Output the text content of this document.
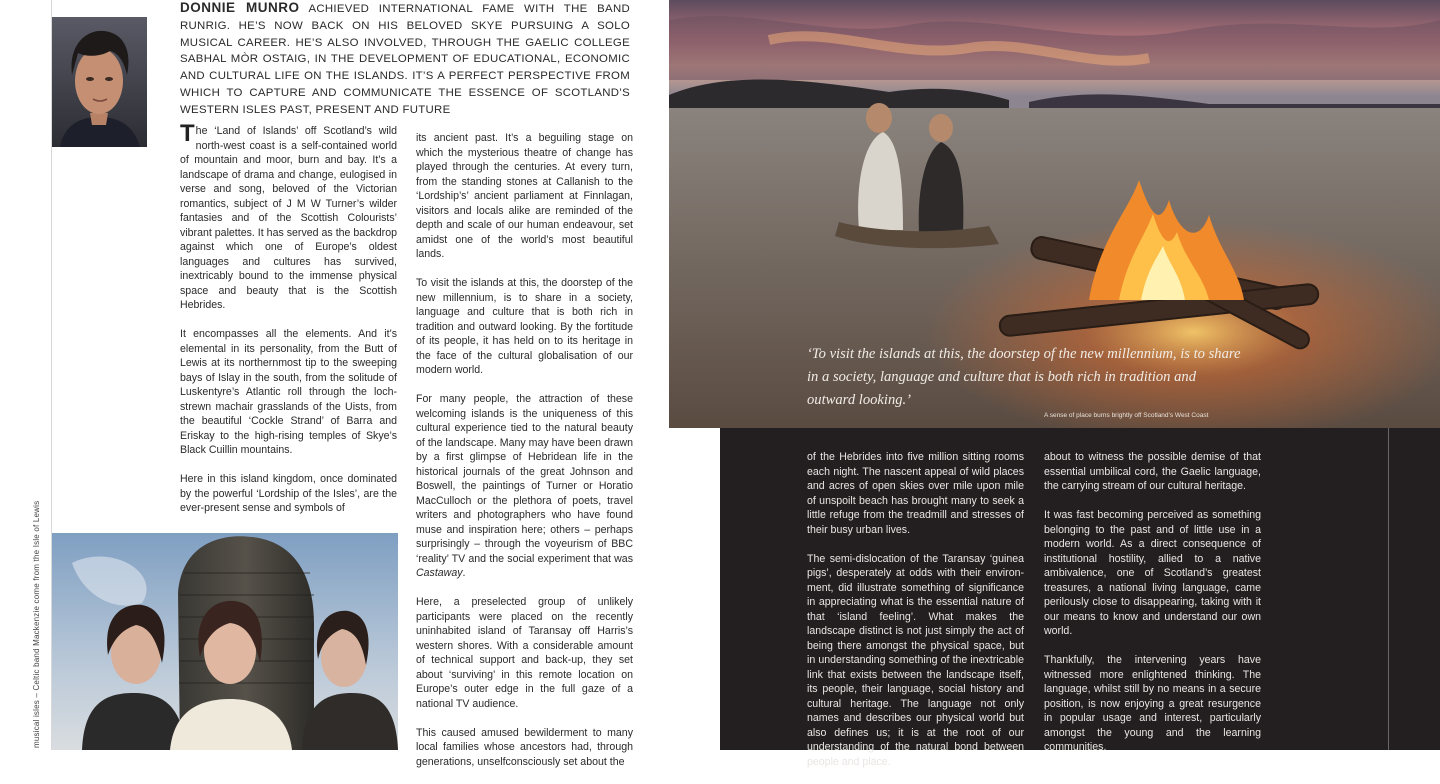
musical isles – Celtic band Mackenzie come from the Isle of Lewis
DONNIE MUNRO ACHIEVED INTERNATIONAL FAME WITH THE BAND RUNRIG. HE’S NOW BACK ON HIS BELOVED SKYE PURSUING A SOLO MUSICAL CAREER. HE’S ALSO INVOLVED, THROUGH THE GAELIC COLLEGE SABHAL MÒR OSTAIG, IN THE DEVELOPMENT OF EDUCATIONAL, ECONOMIC AND CULTURAL LIFE ON THE ISLANDS. IT’S A PERFECT PERSPECTIVE FROM WHICH TO CAPTURE AND COMMUNICATE THE ESSENCE OF SCOTLAND’S WESTERN ISLES PAST, PRESENT AND FUTURE

The ‘Land of Islands’ off Scotland’s wild north-west coast is a self-contained world of mountain and moor, burn and bay. It’s a landscape of drama and change, eulogised in verse and song, beloved of the Victorian romantics, subject of J M W Turner’s wilder fantasies and of the Scottish Colourists’ vibrant palettes. It has served as the backdrop against which one of Europe’s oldest languages and cultures has survived, inextricably bound to the immense physical space and beauty that is the Scottish Hebrides.

It encompasses all the elements. And it’s elemental in its personality, from the Butt of Lewis at its northernmost tip to the sweeping bays of Islay in the south, from the solitude of Luskentyre’s Atlantic roll through the loch-strewn machair grasslands of the Uists, from the beautiful ‘Cockle Strand’ of Barra and Eriskay to the high-rising temples of Skye’s Black Cuillin mountains.

Here in this island kingdom, once dominated by the powerful ‘Lordship of the Isles’, are the ever-present sense and symbols of

its ancient past. It’s a beguiling stage on which the mysterious theatre of change has played through the centuries. At every turn, from the standing stones at Callanish to the ‘Lordship’s’ ancient parliament at Finnlagan, visitors and locals alike are reminded of the depth and scale of our human endeavour, set amidst one of the world’s most beautiful lands.

To visit the islands at this, the doorstep of the new millennium, is to share in a society, language and culture that is both rich in tradition and outward looking. By the fortitude of its people, it has held on to its heritage in the face of the cultural globalisation of our modern world.

For many people, the attraction of these welcoming islands is the uniqueness of this cultural experience tied to the natural beauty of the landscape. Many may have been drawn by a first glimpse of Hebridean life in the historical journals of the great Johnson and Boswell, the paintings of Turner or Horatio MacCulloch or the plethora of poets, travel writers and photographers who have found muse and inspiration here; others – perhaps surprisingly – through the voyeurism of BBC ‘reality’ TV and the social experiment that was Castaway.

Here, a preselected group of unlikely participants were placed on the recently uninhabited island of Taransay off Harris’s western shores. With a considerable amount of technical support and back-up, they set about ‘surviving’ in this remote location on Europe’s outer edge in the full gaze of a national TV audience.

This caused amused bewilderment to many local families whose ancestors had, through generations, unselfconsciously set about the

‘To visit the islands at this, the doorstep of the new millennium, is to share in a society, language and culture that is both rich in tradition and outward looking.’
A sense of place burns brightly off Scotland’s West Coast

of the Hebrides into five million sitting rooms each night. The nascent appeal of wild places and acres of open skies over mile upon mile of unspoilt beach has brought many to seek a little refuge from the treadmill and stresses of their busy urban lives.

The semi-dislocation of the Taransay ‘guinea pigs’, desperately at odds with their environ-ment, did illustrate something of significance in appreciating what is the essential nature of that ‘island feeling’. What makes the landscape distinct is not just simply the act of being there amongst the physical space, but in understanding something of the inextricable link that exists between the landscape itself, its people, their language, social history and cultural heritage. The language not only names and describes our physical world but also defines us; it is at the root of our understanding of the natural bond between people and place.

about to witness the possible demise of that essential umbilical cord, the Gaelic language, the carrying stream of our cultural heritage.

It was fast becoming perceived as something belonging to the past and of little use in a modern world. As a direct consequence of institutional hostility, allied to a native ambivalence, one of Scotland’s greatest treasures, a national living language, came perilously close to disappearing, taking with it our means to know and understand our own world.

Thankfully, the intervening years have witnessed more enlightened thinking. The language, whilst still by no means in a secure position, is now enjoying a great resurgence in popular usage and interest, particularly amongst the young and the learning communities.
